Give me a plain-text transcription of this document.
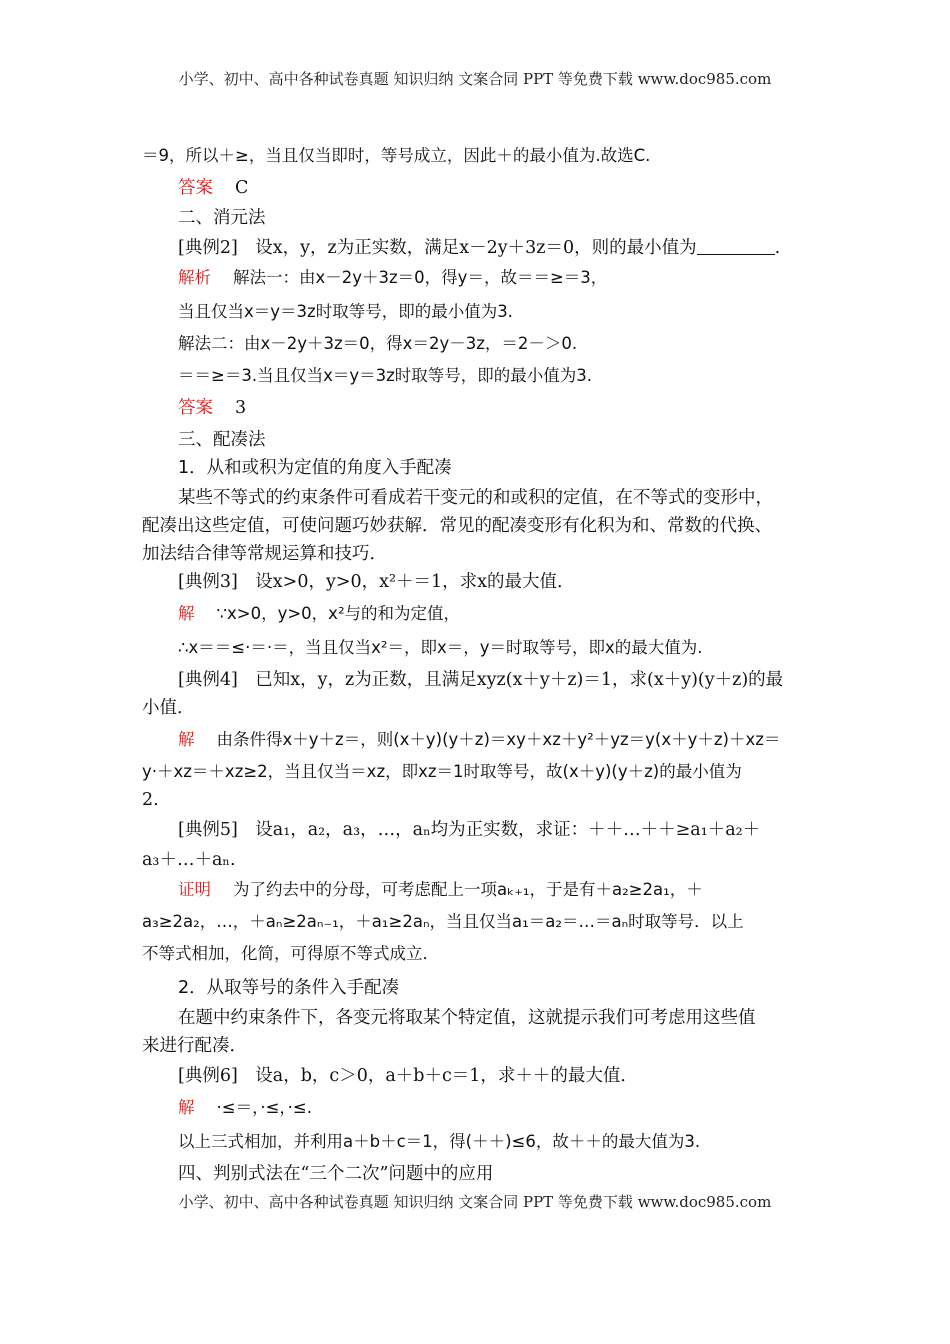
小学、初中、高中各种试卷真题 知识归纳 文案合同 PPT 等免费下载 www.doc985.com
＝9，所以＋≥，当且仅当即时，等号成立，因此＋的最小值为.故选C.
答案 C
二、消元法
[典例2]　设x，y，z为正实数，满足x－2y＋3z＝0，则的最小值为	.
解析 解法一：由x－2y＋3z＝0，得y＝，故＝＝≥＝3，
当且仅当x＝y＝3z时取等号，即的最小值为3.
解法二：由x－2y＋3z＝0，得x＝2y－3z，＝2－＞0.
＝＝≥＝3.当且仅当x＝y＝3z时取等号，即的最小值为3.
答案 3
三、配凑法
1．从和或积为定值的角度入手配凑
某些不等式的约束条件可看成若干变元的和或积的定值，在不等式的变形中，
配凑出这些定值，可使问题巧妙获解．常见的配凑变形有化积为和、常数的代换、
加法结合律等常规运算和技巧．
[典例3]　设x>0，y>0，x²＋＝1，求x的最大值．
解 ∵x>0，y>0，x²与的和为定值，
∴x＝＝≤·＝·＝，当且仅当x²＝，即x＝，y＝时取等号，即x的最大值为.
[典例4]　已知x，y，z为正数，且满足xyz(x＋y＋z)＝1，求(x＋y)(y＋z)的最
小值．
解 由条件得x＋y＋z＝，则(x＋y)(y＋z)＝xy＋xz＋y²＋yz＝y(x＋y＋z)＋xz＝
y·＋xz＝＋xz≥2，当且仅当＝xz，即xz＝1时取等号，故(x＋y)(y＋z)的最小值为
2.
[典例5]　设a₁，a₂，a₃，…，aₙ均为正实数，求证：＋＋…＋＋≥a₁＋a₂＋
a₃＋…＋aₙ.
证明 为了约去中的分母，可考虑配上一项aₖ₊₁，于是有＋a₂≥2a₁，＋
a₃≥2a₂，…，＋aₙ≥2aₙ₋₁，＋a₁≥2aₙ，当且仅当a₁＝a₂＝…＝aₙ时取等号．以上
不等式相加，化简，可得原不等式成立．
2．从取等号的条件入手配凑
在题中约束条件下，各变元将取某个特定值，这就提示我们可考虑用这些值
来进行配凑．
[典例6]　设a，b，c＞0，a＋b＋c＝1，求＋＋的最大值．
解 ·≤＝，·≤，·≤.
以上三式相加，并利用a＋b＋c＝1，得(＋＋)≤6，故＋＋的最大值为3.
四、判别式法在“三个二次”问题中的应用
小学、初中、高中各种试卷真题 知识归纳 文案合同 PPT 等免费下载 www.doc985.com
